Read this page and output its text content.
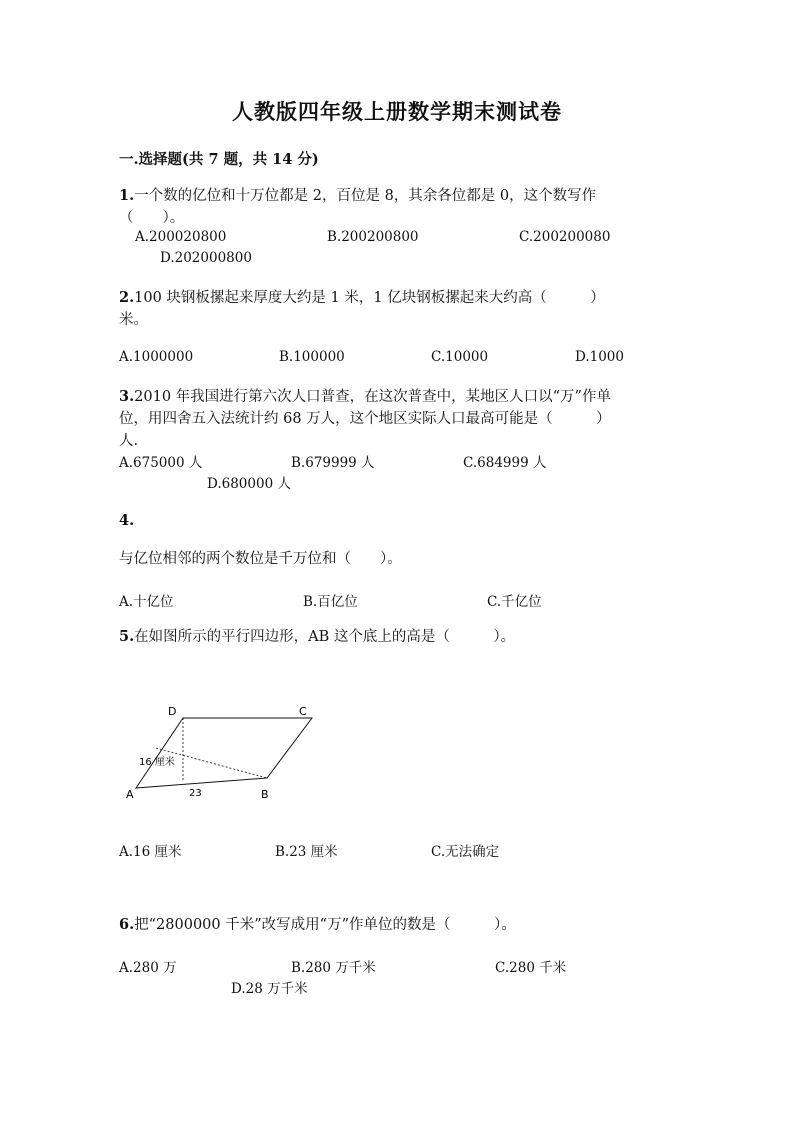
人教版四年级上册数学期末测试卷
一.选择题(共 7 题，共 14 分)
1.一个数的亿位和十万位都是 2，百位是 8，其余各位都是 0，这个数写作
（　　）。
A.200020800	B.200200800	C.200200080
D.202000800
2.100 块钢板摞起来厚度大约是 1 米，1 亿块钢板摞起来大约高（　　　）
米。
A.1000000	B.100000	C.10000	D.1000
3.2010 年我国进行第六次人口普查，在这次普查中，某地区人口以“万”作单
位，用四舍五入法统计约 68 万人，这个地区实际人口最高可能是（　　　）
人.
A.675000 人	B.679999 人	C.684999 人
D.680000 人
4.
与亿位相邻的两个数位是千万位和（　　）。
A.十亿位	B.百亿位	C.千亿位
5.在如图所示的平行四边形，AB 这个底上的高是（　　　）。
A	B
C
D
16 厘米
23
A.16 厘米	B.23 厘米	C.无法确定
6.把“2800000 千米”改写成用“万”作单位的数是（　　　）。
A.280 万	B.280 万千米	C.280 千米
D.28 万千米
